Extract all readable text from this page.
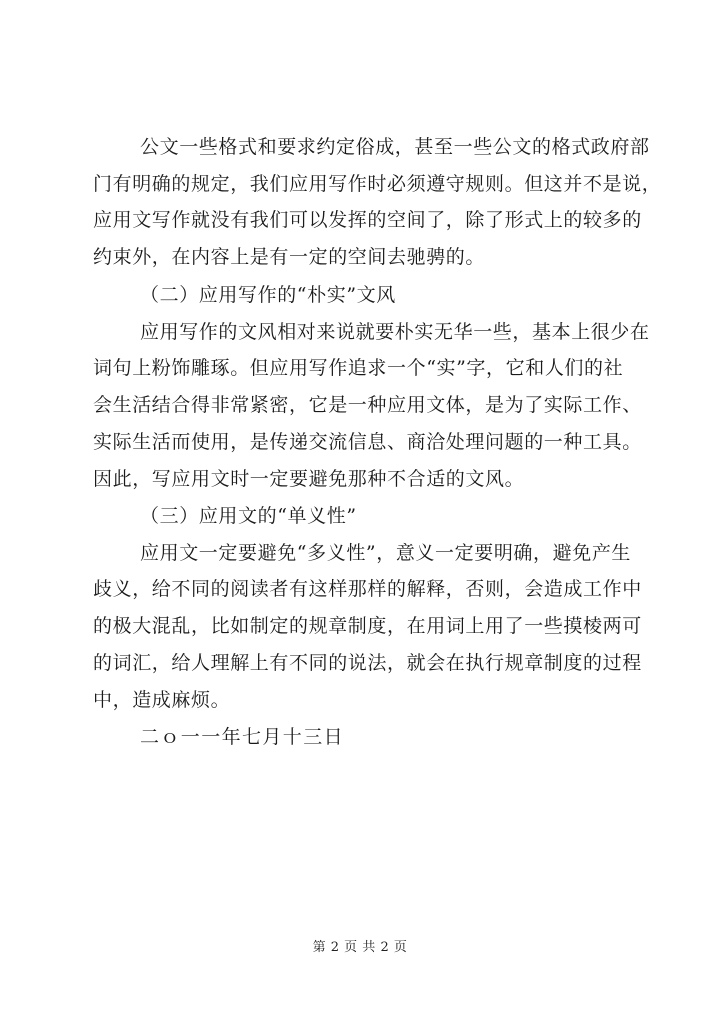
公文一些格式和要求约定俗成，甚至一些公文的格式政府部
门有明确的规定，我们应用写作时必须遵守规则。但这并不是说，
应用文写作就没有我们可以发挥的空间了，除了形式上的较多的
约束外，在内容上是有一定的空间去驰骋的。
（二）应用写作的“朴实”文风
应用写作的文风相对来说就要朴实无华一些，基本上很少在
词句上粉饰雕琢。但应用写作追求一个“实”字，它和人们的社
会生活结合得非常紧密，它是一种应用文体，是为了实际工作、
实际生活而使用，是传递交流信息、商洽处理问题的一种工具。
因此，写应用文时一定要避免那种不合适的文风。
（三）应用文的“单义性”
应用文一定要避免“多义性”，意义一定要明确，避免产生
歧义，给不同的阅读者有这样那样的解释，否则，会造成工作中
的极大混乱，比如制定的规章制度，在用词上用了一些摸棱两可
的词汇，给人理解上有不同的说法，就会在执行规章制度的过程
中，造成麻烦。
二ｏ一一年七月十三日
第 2 页 共 2 页
